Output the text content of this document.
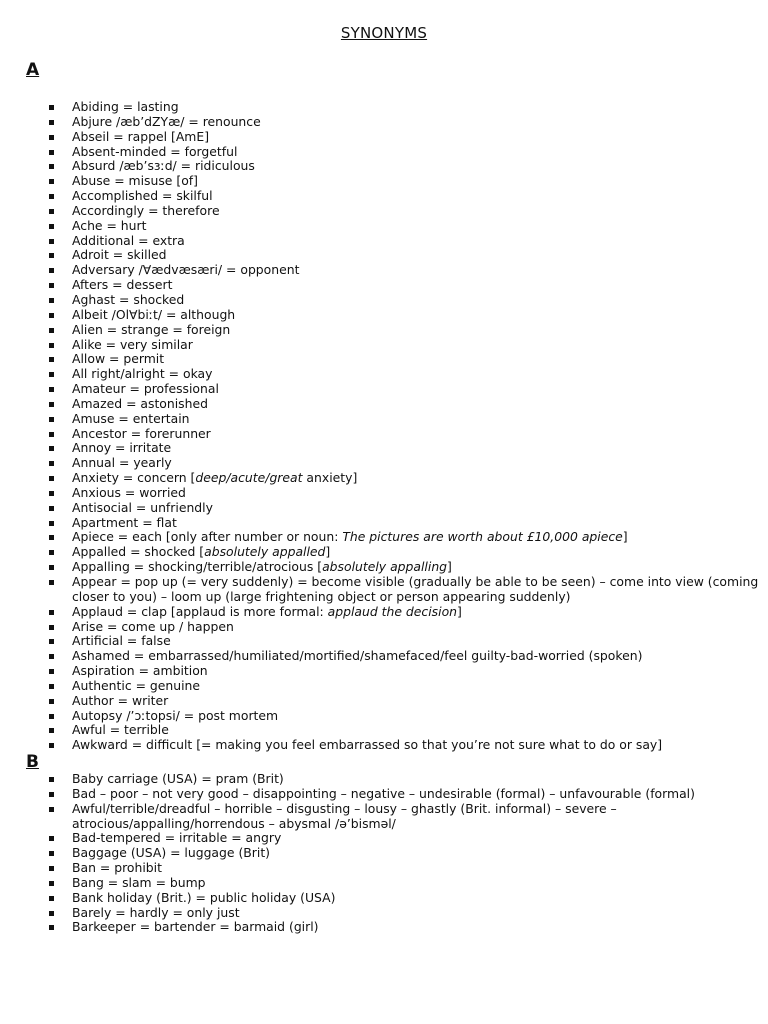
SYNONYMS
A
Abiding = lasting
Abjure /æb’dZYæ/ = renounce
Abseil = rappel [AmE]
Absent-minded = forgetful
Absurd /æb’sɜːd/ = ridiculous
Abuse = misuse [of]
Accomplished = skilful
Accordingly = therefore
Ache = hurt
Additional = extra
Adroit = skilled
Adversary /∀ædvæsæri/ = opponent
Afters = dessert
Aghast = shocked
Albeit /Ol∀biːt/ = although
Alien = strange = foreign
Alike = very similar
Allow = permit
All right/alright = okay
Amateur = professional
Amazed = astonished
Amuse = entertain
Ancestor = forerunner
Annoy = irritate
Annual = yearly
Anxiety = concern [deep/acute/great anxiety]
Anxious = worried
Antisocial = unfriendly
Apartment = flat
Apiece = each [only after number or noun: The pictures are worth about £10,000 apiece]
Appalled = shocked [absolutely appalled]
Appalling = shocking/terrible/atrocious [absolutely appalling]
Appear = pop up (= very suddenly) = become visible (gradually be able to be seen) – come into view (coming closer to you) – loom up (large frightening object or person appearing suddenly)
Applaud = clap [applaud is more formal: applaud the decision]
Arise = come up / happen
Artificial = false
Ashamed = embarrassed/humiliated/mortified/shamefaced/feel guilty-bad-worried (spoken)
Aspiration = ambition
Authentic = genuine
Author = writer
Autopsy /’ɔːtopsi/ = post mortem
Awful = terrible
Awkward = difficult [= making you feel embarrassed so that you’re not sure what to do or say]
B
Baby carriage (USA) = pram (Brit)
Bad – poor – not very good – disappointing – negative – undesirable (formal) – unfavourable (formal)
Awful/terrible/dreadful – horrible – disgusting – lousy – ghastly (Brit. informal) – severe – atrocious/appalling/horrendous – abysmal /ə’bisməl/
Bad-tempered = irritable = angry
Baggage (USA) = luggage (Brit)
Ban = prohibit
Bang = slam = bump
Bank holiday (Brit.) = public holiday (USA)
Barely = hardly = only just
Barkeeper = bartender = barmaid (girl)
